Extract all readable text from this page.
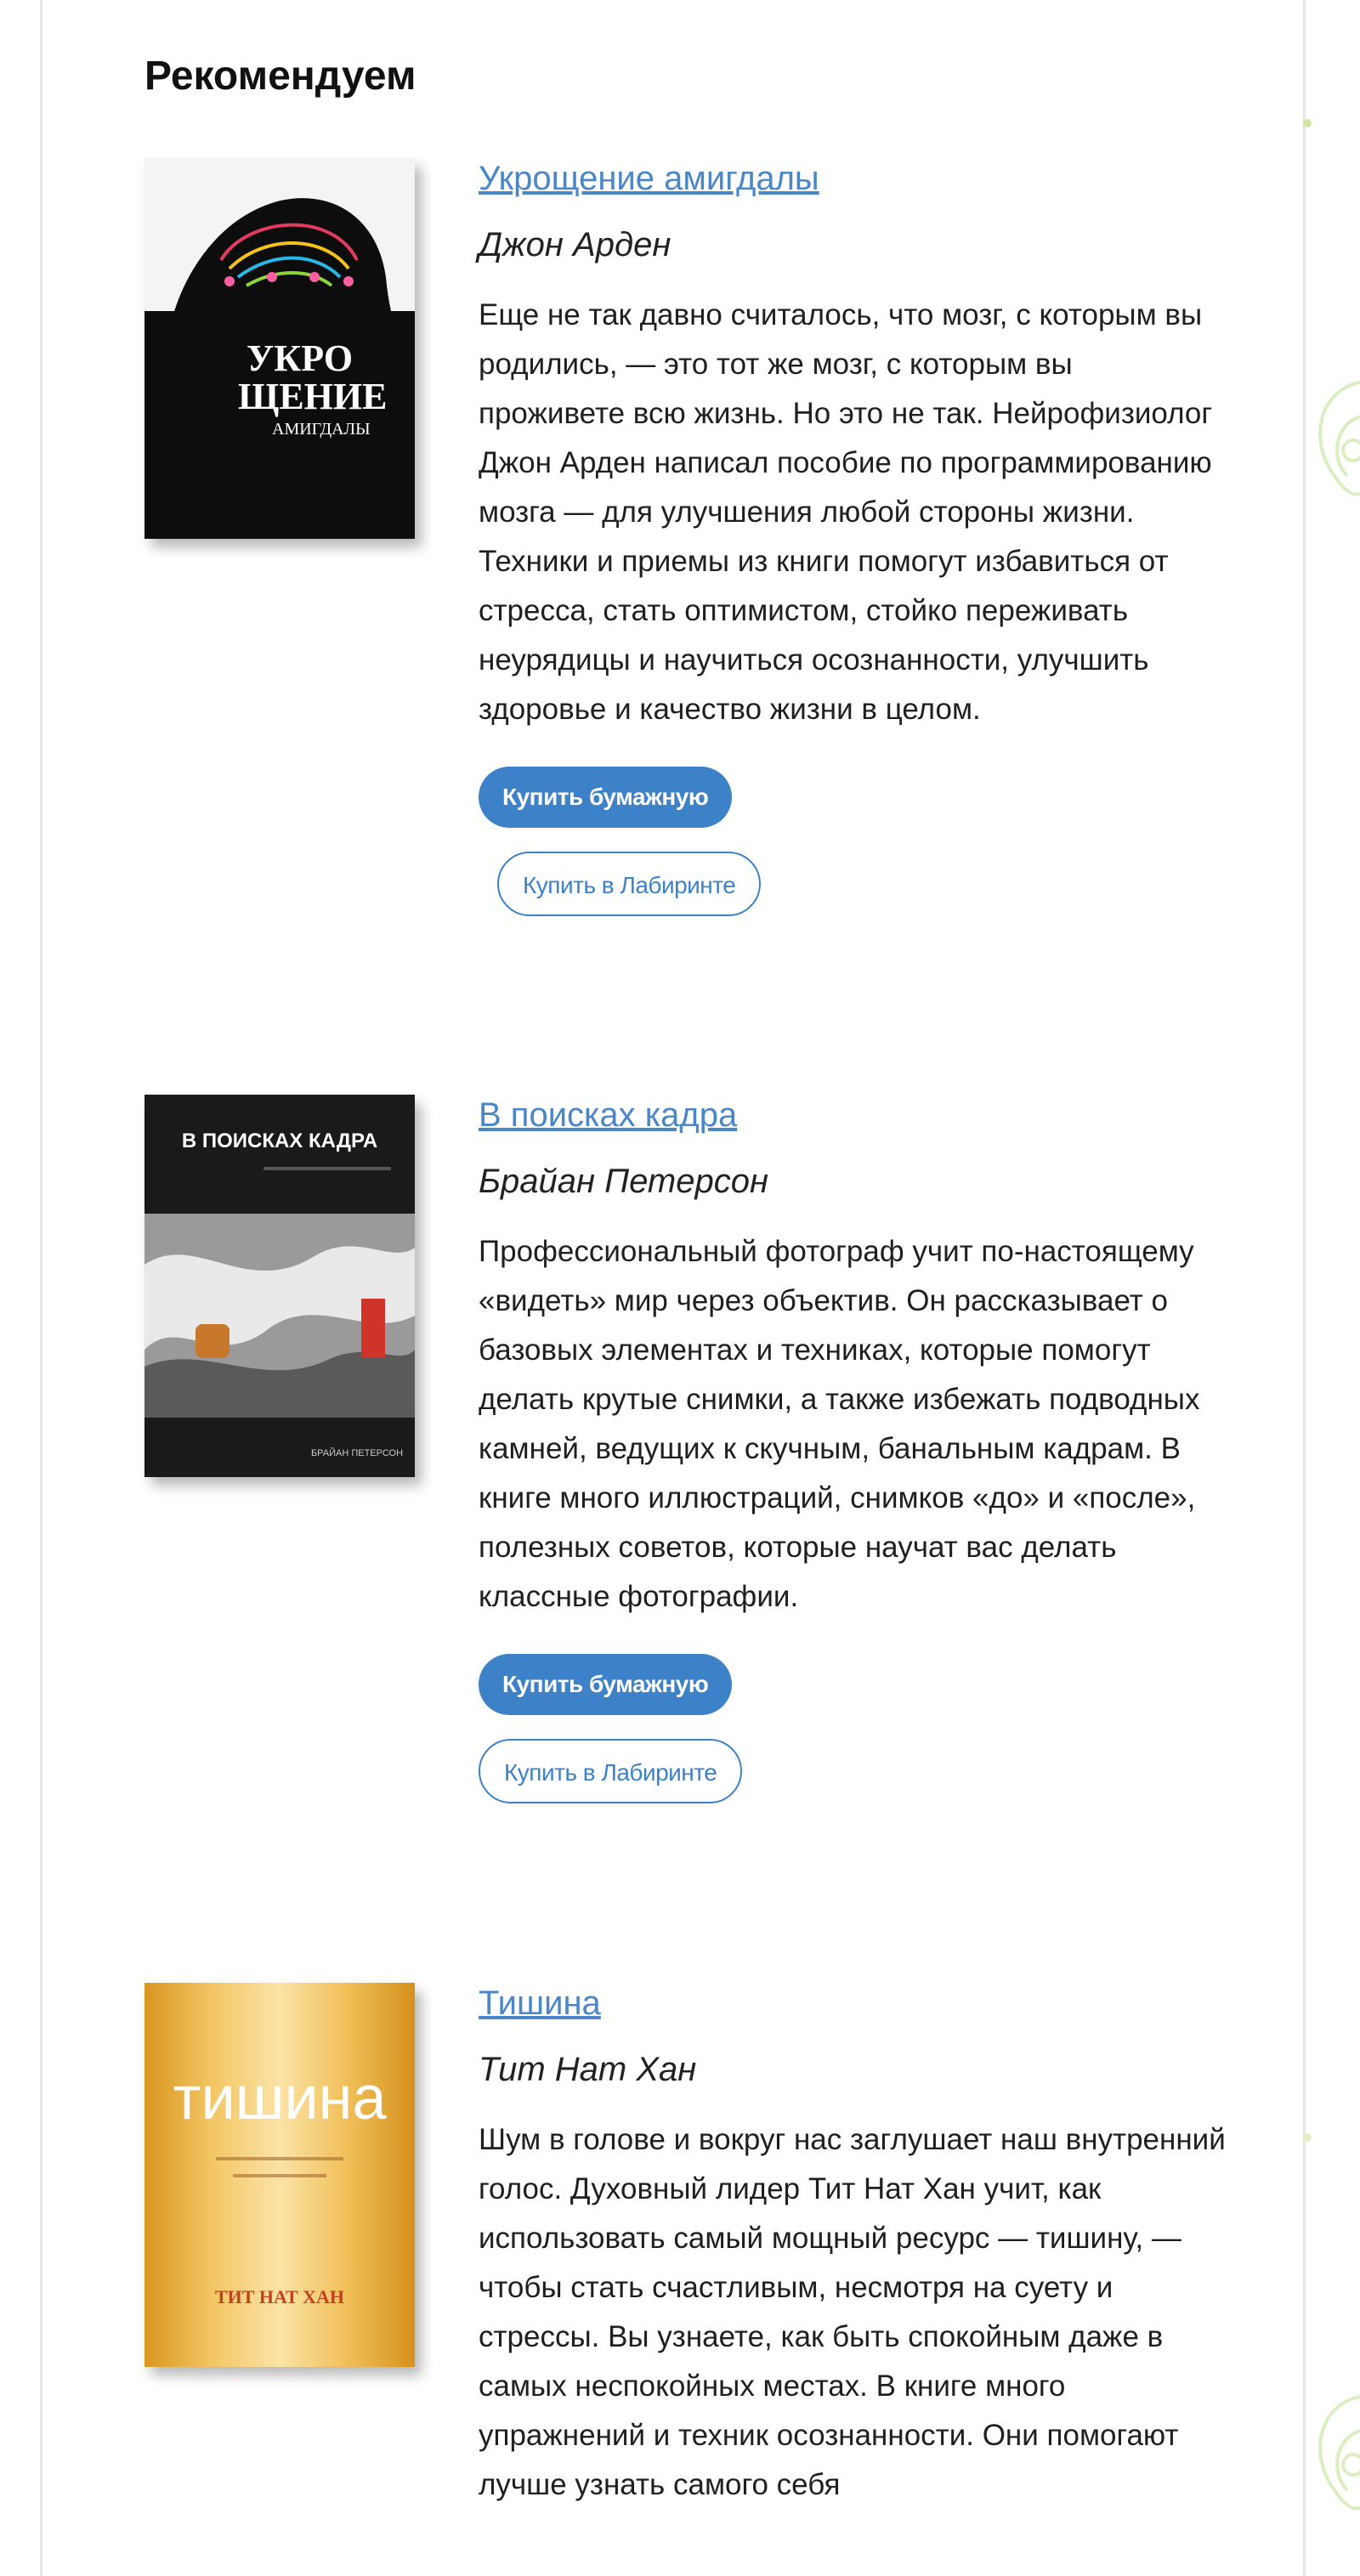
Рекомендуем
УКРО
ЩЕНИЕ
АМИГДАЛЫ
Укрощение амигдалы
Джон Арден
Еще не так давно считалось, что мозг, с которым вы родились, — это тот же мозг, с которым вы проживете всю жизнь. Но это не так. Нейрофизиолог Джон Арден написал пособие по программированию мозга — для улучшения любой стороны жизни. Техники и приемы из книги помогут избавиться от стресса, стать оптимистом, стойко переживать неурядицы и научиться осознанности, улучшить здоровье и качество жизни в целом.
Купить бумажную
Купить в Лабиринте
В ПОИСКАХ КАДРА
БРАЙАН ПЕТЕРСОН
В поисках кадра
Брайан Петерсон
Профессиональный фотограф учит по-настоящему «видеть» мир через объектив. Он рассказывает о базовых элементах и техниках, которые помогут делать крутые снимки, а также избежать подводных камней, ведущих к скучным, банальным кадрам. В книге много иллюстраций, снимков «до» и «после», полезных советов, которые научат вас делать классные фотографии.
Купить бумажную
Купить в Лабиринте
тишина
ТИТ НАТ ХАН
Тишина
Тит Нат Хан
Шум в голове и вокруг нас заглушает наш внутренний голос. Духовный лидер Тит Нат Хан учит, как использовать самый мощный ресурс — тишину, — чтобы стать счастливым, несмотря на суету и стрессы. Вы узнаете, как быть спокойным даже в самых неспокойных местах. В книге много упражнений и техник осознанности. Они помогают лучше узнать самого себя
